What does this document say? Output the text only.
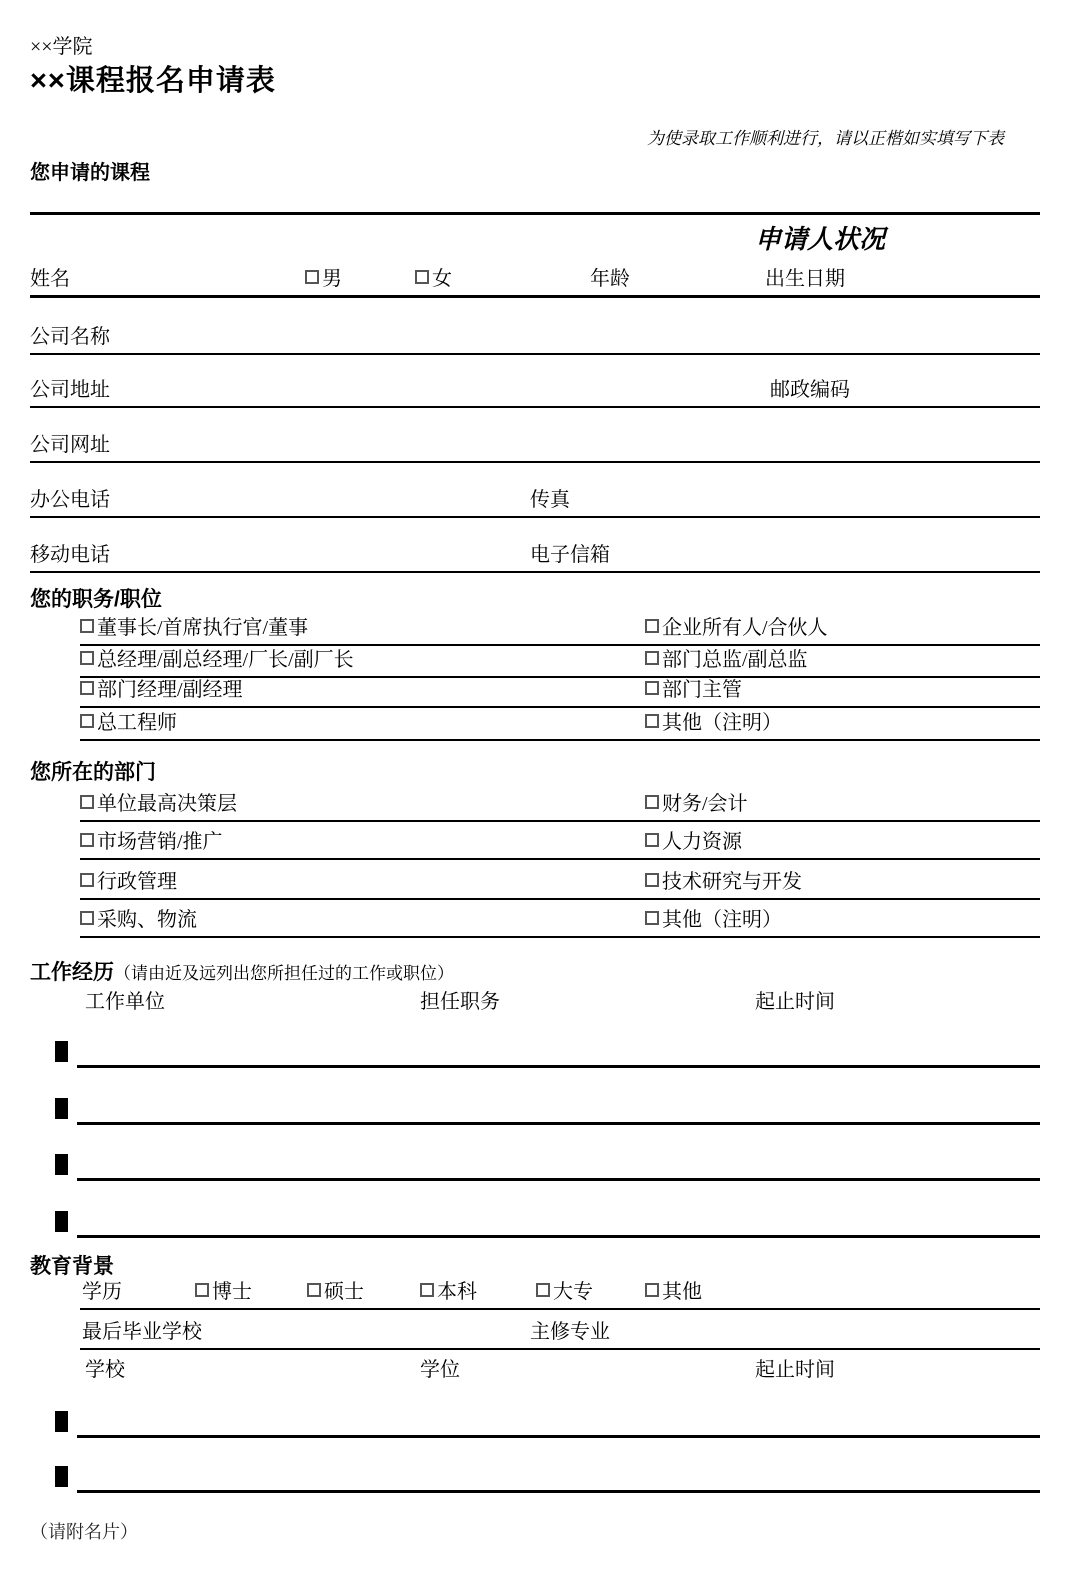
××学院
××课程报名申请表
为使录取工作顺利进行，请以正楷如实填写下表
您申请的课程
申请人状况
姓名	男	女	年龄	出生日期
公司名称
公司地址	邮政编码
公司网址
办公电话	传真
移动电话	电子信箱
您的职务/职位
董事长/首席执行官/董事	企业所有人/合伙人
总经理/副总经理/厂长/副厂长	部门总监/副总监
部门经理/副经理	部门主管
总工程师	其他（注明）
您所在的部门
单位最高决策层	财务/会计
市场营销/推广	人力资源
行政管理	技术研究与开发
采购、物流	其他（注明）
工作经历（请由近及远列出您所担任过的工作或职位）
工作单位	担任职务	起止时间
教育背景
学历	博士	硕士	本科	大专	其他
最后毕业学校	主修专业
学校	学位	起止时间
（请附名片）
